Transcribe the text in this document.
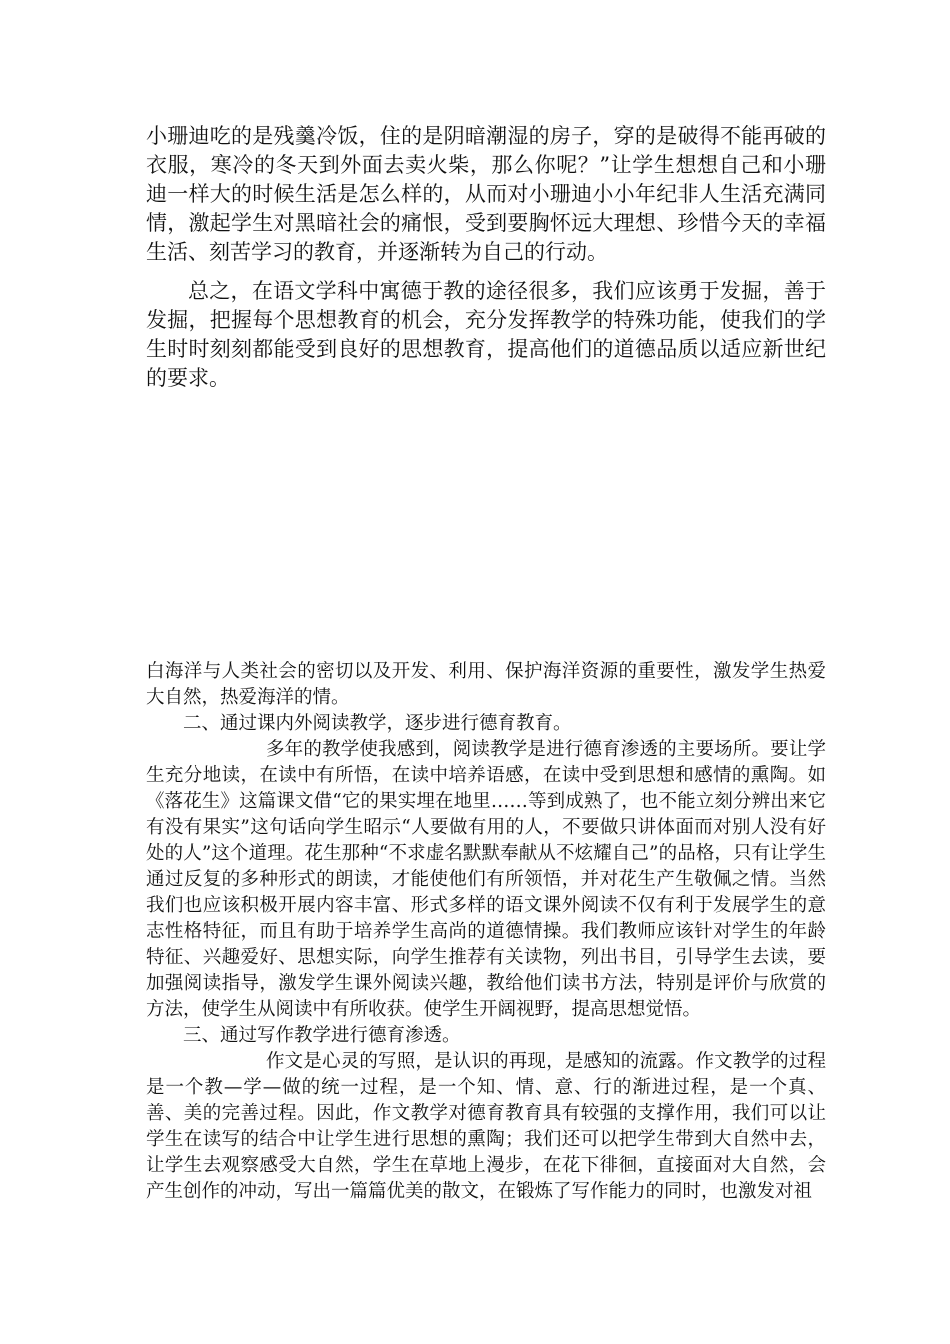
小珊迪吃的是残羹冷饭，住的是阴暗潮湿的房子，穿的是破得不能再破的衣服，寒冷的冬天到外面去卖火柴，那么你呢？”让学生想想自己和小珊迪一样大的时候生活是怎么样的，从而对小珊迪小小年纪非人生活充满同情，激起学生对黑暗社会的痛恨，受到要胸怀远大理想、珍惜今天的幸福生活、刻苦学习的教育，并逐渐转为自己的行动。

总之，在语文学科中寓德于教的途径很多，我们应该勇于发掘，善于发掘，把握每个思想教育的机会，充分发挥教学的特殊功能，使我们的学生时时刻刻都能受到良好的思想教育，提高他们的道德品质以适应新世纪的要求。

白海洋与人类社会的密切以及开发、利用、保护海洋资源的重要性，激发学生热爱大自然，热爱海洋的情。

二、通过课内外阅读教学，逐步进行德育教育。

多年的教学使我感到，阅读教学是进行德育渗透的主要场所。要让学生充分地读，在读中有所悟，在读中培养语感，在读中受到思想和感情的熏陶。如《落花生》这篇课文借“它的果实埋在地里……等到成熟了，也不能立刻分辨出来它有没有果实”这句话向学生昭示“人要做有用的人，不要做只讲体面而对别人没有好处的人”这个道理。花生那种“不求虚名默默奉献从不炫耀自己”的品格，只有让学生通过反复的多种形式的朗读，才能使他们有所领悟，并对花生产生敬佩之情。当然我们也应该积极开展内容丰富、形式多样的语文课外阅读不仅有利于发展学生的意志性格特征，而且有助于培养学生高尚的道德情操。我们教师应该针对学生的年龄特征、兴趣爱好、思想实际，向学生推荐有关读物，列出书目，引导学生去读，要加强阅读指导，激发学生课外阅读兴趣，教给他们读书方法，特别是评价与欣赏的方法，使学生从阅读中有所收获。使学生开阔视野，提高思想觉悟。

三、通过写作教学进行德育渗透。

作文是心灵的写照，是认识的再现，是感知的流露。作文教学的过程是一个教—学—做的统一过程，是一个知、情、意、行的渐进过程，是一个真、善、美的完善过程。因此，作文教学对德育教育具有较强的支撑作用，我们可以让学生在读写的结合中让学生进行思想的熏陶；我们还可以把学生带到大自然中去，让学生去观察感受大自然，学生在草地上漫步，在花下徘徊，直接面对大自然，会产生创作的冲动，写出一篇篇优美的散文，在锻炼了写作能力的同时，也激发对祖
